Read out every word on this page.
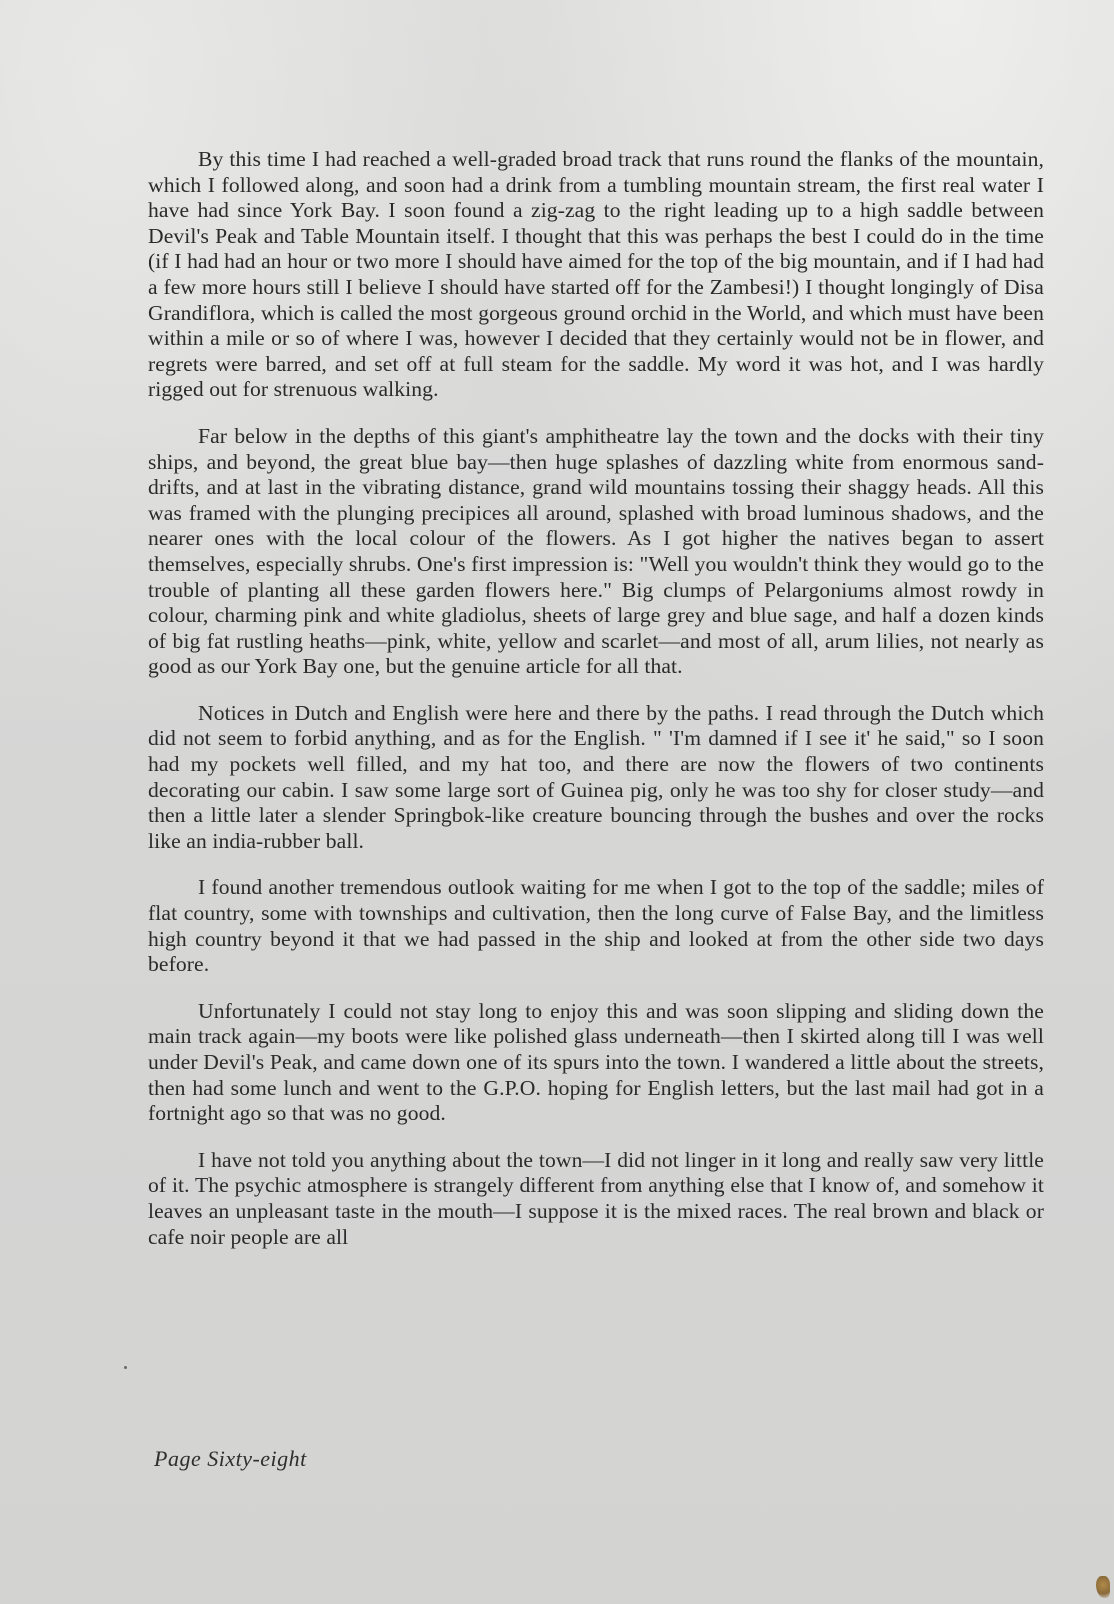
By this time I had reached a well-graded broad track that runs round the flanks of the mountain, which I followed along, and soon had a drink from a tumbling mountain stream, the first real water I have had since York Bay. I soon found a zig-zag to the right leading up to a high saddle between Devil's Peak and Table Mountain itself. I thought that this was perhaps the best I could do in the time (if I had had an hour or two more I should have aimed for the top of the big mountain, and if I had had a few more hours still I believe I should have started off for the Zambesi!) I thought longingly of Disa Grandiflora, which is called the most gorgeous ground orchid in the World, and which must have been within a mile or so of where I was, however I decided that they certainly would not be in flower, and regrets were barred, and set off at full steam for the saddle. My word it was hot, and I was hardly rigged out for strenuous walking.

Far below in the depths of this giant's amphitheatre lay the town and the docks with their tiny ships, and beyond, the great blue bay—then huge splashes of dazzling white from enormous sand-drifts, and at last in the vibrating distance, grand wild mountains tossing their shaggy heads. All this was framed with the plunging precipices all around, splashed with broad luminous shadows, and the nearer ones with the local colour of the flowers. As I got higher the natives began to assert themselves, especially shrubs. One's first impression is: "Well you wouldn't think they would go to the trouble of planting all these garden flowers here." Big clumps of Pelargoniums almost rowdy in colour, charming pink and white gladiolus, sheets of large grey and blue sage, and half a dozen kinds of big fat rustling heaths—pink, white, yellow and scarlet—and most of all, arum lilies, not nearly as good as our York Bay one, but the genuine article for all that.

Notices in Dutch and English were here and there by the paths. I read through the Dutch which did not seem to forbid anything, and as for the English. " 'I'm damned if I see it' he said," so I soon had my pockets well filled, and my hat too, and there are now the flowers of two continents decorating our cabin. I saw some large sort of Guinea pig, only he was too shy for closer study—and then a little later a slender Springbok-like creature bouncing through the bushes and over the rocks like an india-rubber ball.

I found another tremendous outlook waiting for me when I got to the top of the saddle; miles of flat country, some with townships and cultivation, then the long curve of False Bay, and the limitless high country beyond it that we had passed in the ship and looked at from the other side two days before.

Unfortunately I could not stay long to enjoy this and was soon slipping and sliding down the main track again—my boots were like polished glass underneath—then I skirted along till I was well under Devil's Peak, and came down one of its spurs into the town. I wandered a little about the streets, then had some lunch and went to the G.P.O. hoping for English letters, but the last mail had got in a fortnight ago so that was no good.

I have not told you anything about the town—I did not linger in it long and really saw very little of it. The psychic atmosphere is strangely different from anything else that I know of, and somehow it leaves an unpleasant taste in the mouth—I suppose it is the mixed races. The real brown and black or cafe noir people are all

Page Sixty-eight
